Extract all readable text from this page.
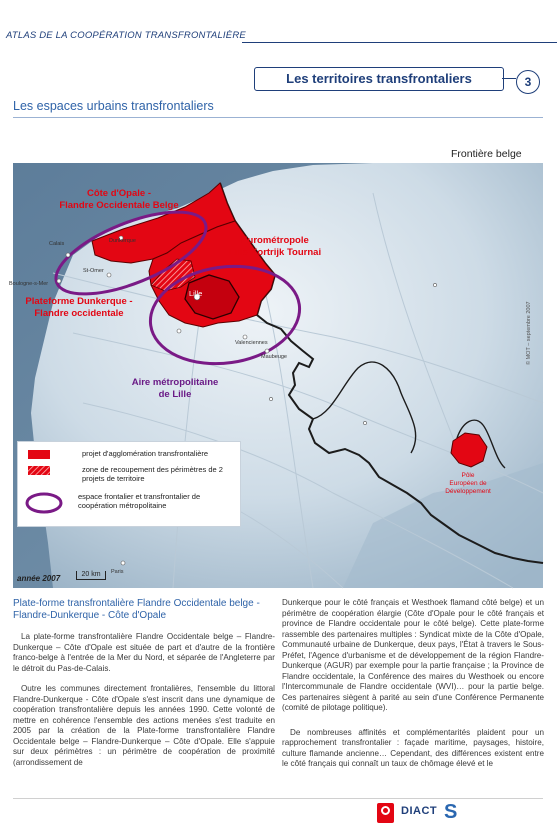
ATLAS DE LA COOPÉRATION TRANSFRONTALIÈRE
Les territoires transfrontaliers	3
Les espaces urbains transfrontaliers
Frontière belge
Côte d'Opale -
Flandre Occidentale Belge
Eurométropole
Lille Kortrijk Tournai
Plateforme Dunkerque -
Flandre occidentale
Aire métropolitaine
de Lille
Pôle
Européen de
Développement
Calais	Dunkerque
St-Omer
Boulogne-s-Mer
Valenciennes
Maubeuge
Paris
Lille
© MOT – septembre 2007
projet d'agglomération transfrontalière
zone de recoupement des périmètres de 2 projets de territoire
espace frontalier et transfrontalier de coopération métropolitaine
année 2007	20 km
Plate-forme transfrontalière Flandre Occidentale belge - Flandre-Dunkerque - Côte d'Opale

La plate-forme transfrontalière Flandre Occidentale belge – Flandre-Dunkerque – Côte d'Opale est située de part et d'autre de la frontière franco-belge à l'entrée de la Mer du Nord, et séparée de l'Angleterre par le détroit du Pas-de-Calais.

Outre les communes directement frontalières, l'ensemble du littoral Flandre-Dunkerque - Côte d'Opale s'est inscrit dans une dynamique de coopération transfrontalière depuis les années 1990. Cette volonté de mettre en cohérence l'ensemble des actions menées s'est traduite en 2005 par la création de la Plate-forme transfrontalière Flandre Occidentale belge – Flandre-Dunkerque – Côte d'Opale. Elle s'appuie sur deux périmètres : un périmètre de coopération de proximité (arrondissement de

Dunkerque pour le côté français et Westhoek flamand côté belge) et un périmètre de coopération élargie (Côte d'Opale pour le côté français et province de Flandre occidentale pour le côté belge). Cette plate-forme rassemble des partenaires multiples : Syndicat mixte de la Côte d'Opale, Communauté urbaine de Dunkerque, deux pays, l'État à travers le Sous-Préfet, l'Agence d'urbanisme et de développement de la région Flandre-Dunkerque (AGUR) par exemple pour la partie française ; la Province de Flandre occidentale, la Conférence des maires du Westhoek ou encore l'Intercommunale de Flandre occidentale (WVI)… pour la partie belge. Ces partenaires siègent à parité au sein d'une Conférence Permanente (comité de pilotage politique).

De nombreuses affinités et complémentarités plaident pour un rapprochement transfrontalier : façade maritime, paysages, histoire, culture flamande ancienne… Cependant, des différences existent entre le côté français qui connaît un taux de chômage élevé et le

DIACT S
